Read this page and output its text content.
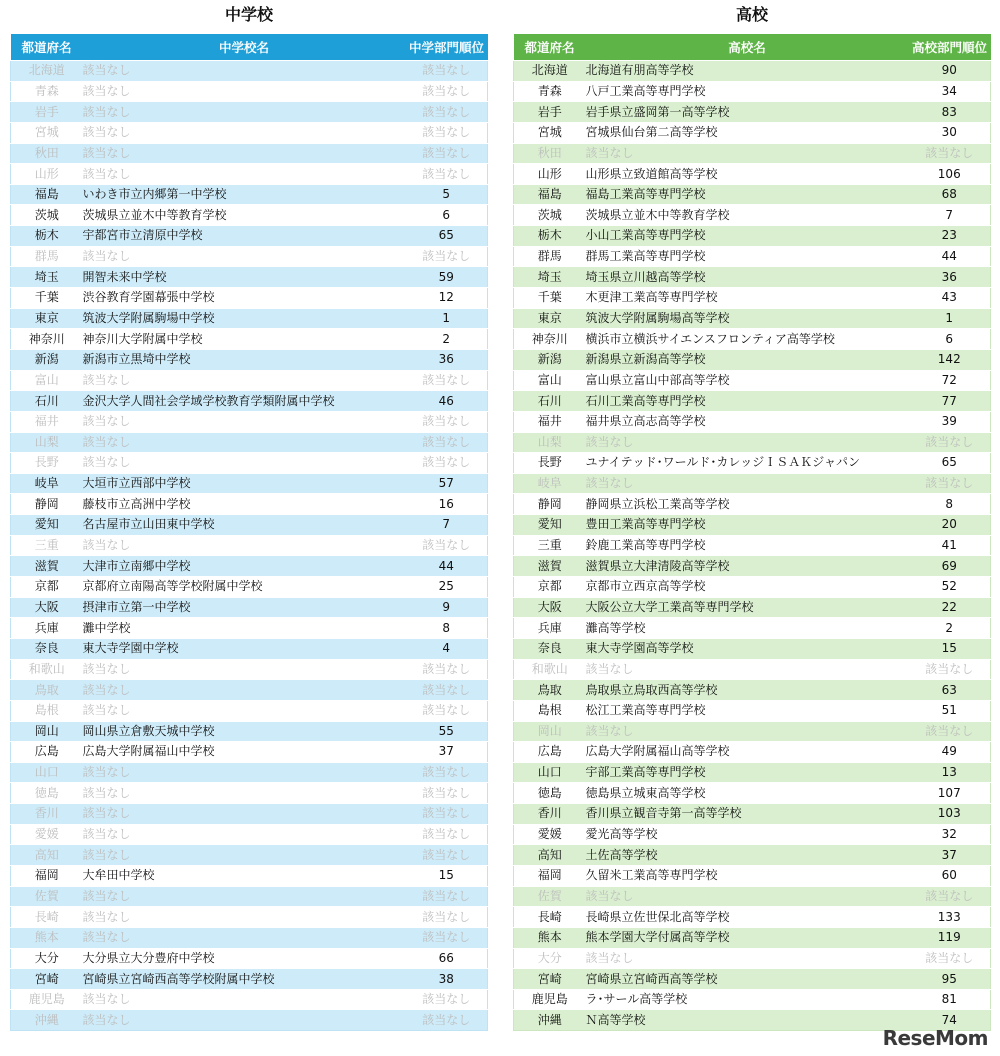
中学校
都道府名	中学校名	中学部門順位
北海道	該当なし	該当なし
青森	該当なし	該当なし
岩手	該当なし	該当なし
宮城	該当なし	該当なし
秋田	該当なし	該当なし
山形	該当なし	該当なし
福島	いわき市立内郷第一中学校	5
茨城	茨城県立並木中等教育学校	6
栃木	宇都宮市立清原中学校	65
群馬	該当なし	該当なし
埼玉	開智未来中学校	59
千葉	渋谷教育学園幕張中学校	12
東京	筑波大学附属駒場中学校	1
神奈川	神奈川大学附属中学校	2
新潟	新潟市立黒埼中学校	36
富山	該当なし	該当なし
石川	金沢大学人間社会学域学校教育学類附属中学校	46
福井	該当なし	該当なし
山梨	該当なし	該当なし
長野	該当なし	該当なし
岐阜	大垣市立西部中学校	57
静岡	藤枝市立高洲中学校	16
愛知	名古屋市立山田東中学校	7
三重	該当なし	該当なし
滋賀	大津市立南郷中学校	44
京都	京都府立南陽高等学校附属中学校	25
大阪	摂津市立第一中学校	9
兵庫	灘中学校	8
奈良	東大寺学園中学校	4
和歌山	該当なし	該当なし
鳥取	該当なし	該当なし
島根	該当なし	該当なし
岡山	岡山県立倉敷天城中学校	55
広島	広島大学附属福山中学校	37
山口	該当なし	該当なし
徳島	該当なし	該当なし
香川	該当なし	該当なし
愛媛	該当なし	該当なし
高知	該当なし	該当なし
福岡	大牟田中学校	15
佐賀	該当なし	該当なし
長崎	該当なし	該当なし
熊本	該当なし	該当なし
大分	大分県立大分豊府中学校	66
宮崎	宮崎県立宮崎西高等学校附属中学校	38
鹿児島	該当なし	該当なし
沖縄	該当なし	該当なし
高校
都道府名	高校名	高校部門順位
北海道	北海道有朋高等学校	90
青森	八戸工業高等専門学校	34
岩手	岩手県立盛岡第一高等学校	83
宮城	宮城県仙台第二高等学校	30
秋田	該当なし	該当なし
山形	山形県立致道館高等学校	106
福島	福島工業高等専門学校	68
茨城	茨城県立並木中等教育学校	7
栃木	小山工業高等専門学校	23
群馬	群馬工業高等専門学校	44
埼玉	埼玉県立川越高等学校	36
千葉	木更津工業高等専門学校	43
東京	筑波大学附属駒場高等学校	1
神奈川	横浜市立横浜サイエンスフロンティア高等学校	6
新潟	新潟県立新潟高等学校	142
富山	富山県立富山中部高等学校	72
石川	石川工業高等専門学校	77
福井	福井県立高志高等学校	39
山梨	該当なし	該当なし
長野	ユナイテッド･ワールド･カレッジＩＳＡＫジャパン	65
岐阜	該当なし	該当なし
静岡	静岡県立浜松工業高等学校	8
愛知	豊田工業高等専門学校	20
三重	鈴鹿工業高等専門学校	41
滋賀	滋賀県立大津清陵高等学校	69
京都	京都市立西京高等学校	52
大阪	大阪公立大学工業高等専門学校	22
兵庫	灘高等学校	2
奈良	東大寺学園高等学校	15
和歌山	該当なし	該当なし
鳥取	鳥取県立鳥取西高等学校	63
島根	松江工業高等専門学校	51
岡山	該当なし	該当なし
広島	広島大学附属福山高等学校	49
山口	宇部工業高等専門学校	13
徳島	徳島県立城東高等学校	107
香川	香川県立観音寺第一高等学校	103
愛媛	愛光高等学校	32
高知	土佐高等学校	37
福岡	久留米工業高等専門学校	60
佐賀	該当なし	該当なし
長崎	長崎県立佐世保北高等学校	133
熊本	熊本学園大学付属高等学校	119
大分	該当なし	該当なし
宮崎	宮崎県立宮崎西高等学校	95
鹿児島	ラ･サール高等学校	81
沖縄	Ｎ高等学校	74
ReseMom
